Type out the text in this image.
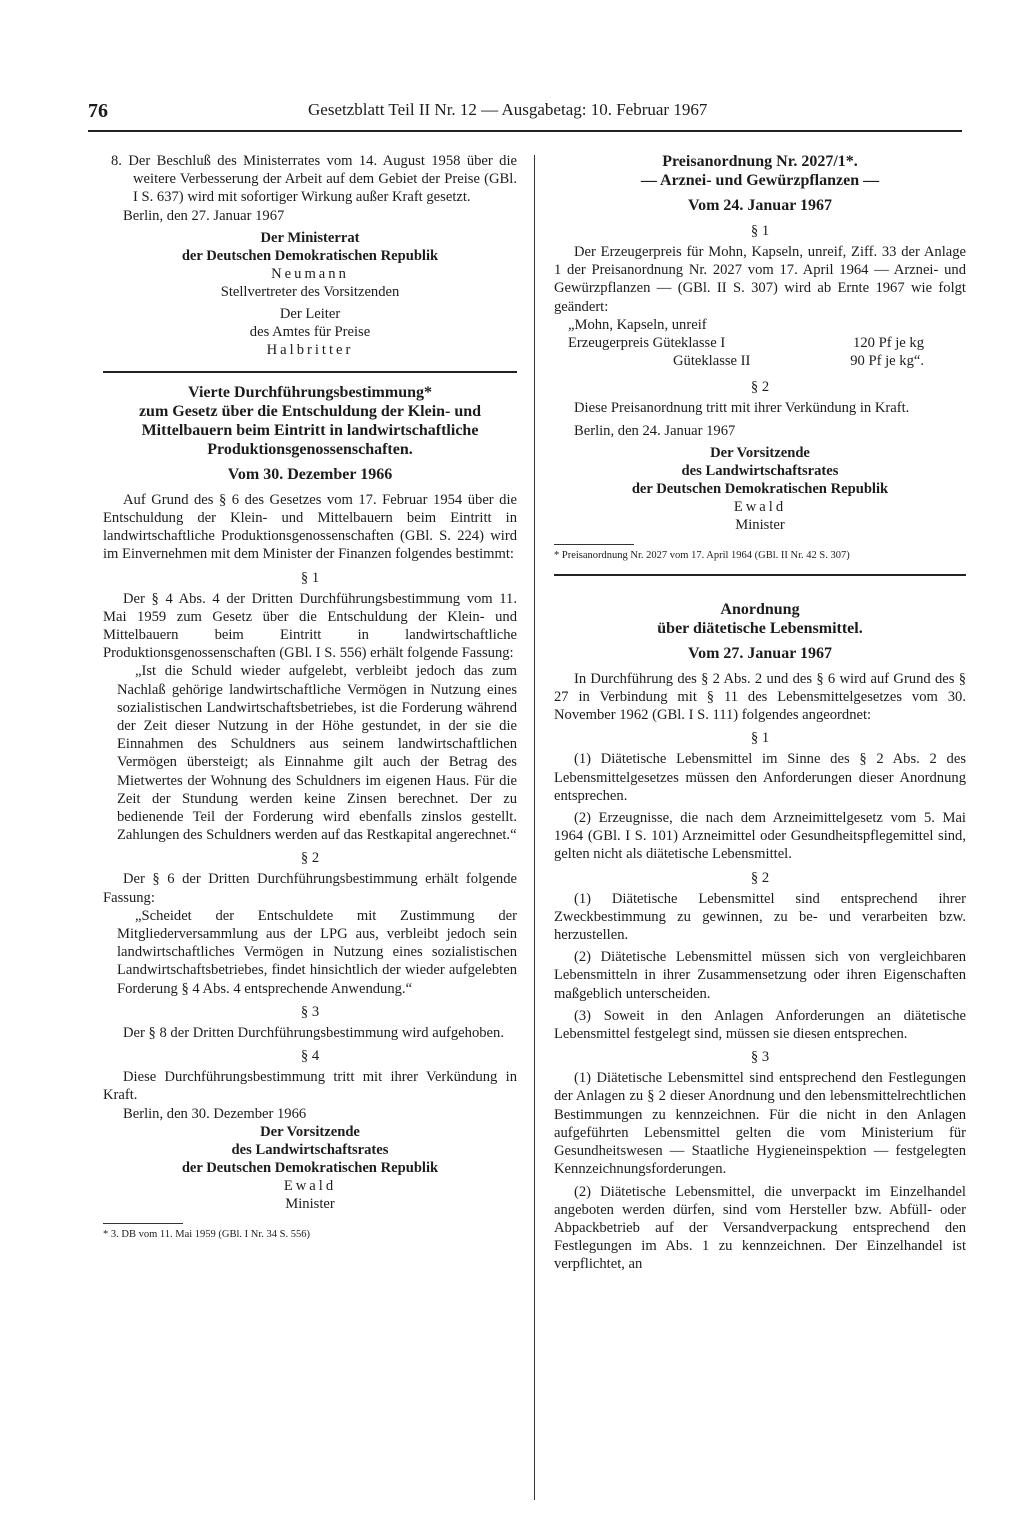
76	Gesetzblatt Teil II Nr. 12 — Ausgabetag: 10. Februar 1967

8. Der Beschluß des Ministerrates vom 14. August 1958 über die weitere Verbesserung der Arbeit auf dem Gebiet der Preise (GBl. I S. 637) wird mit sofortiger Wirkung außer Kraft gesetzt.

Berlin, den 27. Januar 1967

Der Ministerrat
der Deutschen Demokratischen Republik
Neumann
Stellvertreter des Vorsitzenden
Der Leiter
des Amtes für Preise
Halbritter
Vierte Durchführungsbestimmung*
zum Gesetz über die Entschuldung der Klein- und Mittelbauern beim Eintritt in landwirtschaftliche Produktionsgenossenschaften.
Vom 30. Dezember 1966

Auf Grund des § 6 des Gesetzes vom 17. Februar 1954 über die Entschuldung der Klein- und Mittelbauern beim Eintritt in landwirtschaftliche Produktionsgenossenschaften (GBl. S. 224) wird im Einvernehmen mit dem Minister der Finanzen folgendes bestimmt:

§ 1

Der § 4 Abs. 4 der Dritten Durchführungsbestimmung vom 11. Mai 1959 zum Gesetz über die Entschuldung der Klein- und Mittelbauern beim Eintritt in landwirtschaftliche Produktionsgenossenschaften (GBl. I S. 556) erhält folgende Fassung:

„Ist die Schuld wieder aufgelebt, verbleibt jedoch das zum Nachlaß gehörige landwirtschaftliche Vermögen in Nutzung eines sozialistischen Landwirtschaftsbetriebes, ist die Forderung während der Zeit dieser Nutzung in der Höhe gestundet, in der sie die Einnahmen des Schuldners aus seinem landwirtschaftlichen Vermögen übersteigt; als Einnahme gilt auch der Betrag des Mietwertes der Wohnung des Schuldners im eigenen Haus. Für die Zeit der Stundung werden keine Zinsen berechnet. Der zu bedienende Teil der Forderung wird ebenfalls zinslos gestellt. Zahlungen des Schuldners werden auf das Restkapital angerechnet.“

§ 2

Der § 6 der Dritten Durchführungsbestimmung erhält folgende Fassung:

„Scheidet der Entschuldete mit Zustimmung der Mitgliederversammlung aus der LPG aus, verbleibt jedoch sein landwirtschaftliches Vermögen in Nutzung eines sozialistischen Landwirtschaftsbetriebes, findet hinsichtlich der wieder aufgelebten Forderung § 4 Abs. 4 entsprechende Anwendung.“

§ 3

Der § 8 der Dritten Durchführungsbestimmung wird aufgehoben.

§ 4

Diese Durchführungsbestimmung tritt mit ihrer Verkündung in Kraft.

Berlin, den 30. Dezember 1966

Der Vorsitzende
des Landwirtschaftsrates
der Deutschen Demokratischen Republik
Ewald
Minister
* 3. DB vom 11. Mai 1959 (GBl. I Nr. 34 S. 556)
Preisanordnung Nr. 2027/1*.
— Arznei- und Gewürzpflanzen —
Vom 24. Januar 1967
§ 1

Der Erzeugerpreis für Mohn, Kapseln, unreif, Ziff. 33 der Anlage 1 der Preisanordnung Nr. 2027 vom 17. April 1964 — Arznei- und Gewürzpflanzen — (GBl. II S. 307) wird ab Ernte 1967 wie folgt geändert:

„Mohn, Kapseln, unreif

Erzeugerpreis Güteklasse I	120 Pf je kg
Güteklasse II	90 Pf je kg“.
§ 2

Diese Preisanordnung tritt mit ihrer Verkündung in Kraft.

Berlin, den 24. Januar 1967

Der Vorsitzende
des Landwirtschaftsrates
der Deutschen Demokratischen Republik
Ewald
Minister
* Preisanordnung Nr. 2027 vom 17. April 1964 (GBl. II Nr. 42 S. 307)
Anordnung
über diätetische Lebensmittel.
Vom 27. Januar 1967

In Durchführung des § 2 Abs. 2 und des § 6 wird auf Grund des § 27 in Verbindung mit § 11 des Lebensmittelgesetzes vom 30. November 1962 (GBl. I S. 111) folgendes angeordnet:

§ 1

(1) Diätetische Lebensmittel im Sinne des § 2 Abs. 2 des Lebensmittelgesetzes müssen den Anforderungen dieser Anordnung entsprechen.

(2) Erzeugnisse, die nach dem Arzneimittelgesetz vom 5. Mai 1964 (GBl. I S. 101) Arzneimittel oder Gesundheitspflegemittel sind, gelten nicht als diätetische Lebensmittel.

§ 2

(1) Diätetische Lebensmittel sind entsprechend ihrer Zweckbestimmung zu gewinnen, zu be- und verarbeiten bzw. herzustellen.

(2) Diätetische Lebensmittel müssen sich von vergleichbaren Lebensmitteln in ihrer Zusammensetzung oder ihren Eigenschaften maßgeblich unterscheiden.

(3) Soweit in den Anlagen Anforderungen an diätetische Lebensmittel festgelegt sind, müssen sie diesen entsprechen.

§ 3

(1) Diätetische Lebensmittel sind entsprechend den Festlegungen der Anlagen zu § 2 dieser Anordnung und den lebensmittelrechtlichen Bestimmungen zu kennzeichnen. Für die nicht in den Anlagen aufgeführten Lebensmittel gelten die vom Ministerium für Gesundheitswesen — Staatliche Hygieneinspektion — festgelegten Kennzeichnungsforderungen.

(2) Diätetische Lebensmittel, die unverpackt im Einzelhandel angeboten werden dürfen, sind vom Hersteller bzw. Abfüll- oder Abpackbetrieb auf der Versandverpackung entsprechend den Festlegungen im Abs. 1 zu kennzeichnen. Der Einzelhandel ist verpflichtet, an
